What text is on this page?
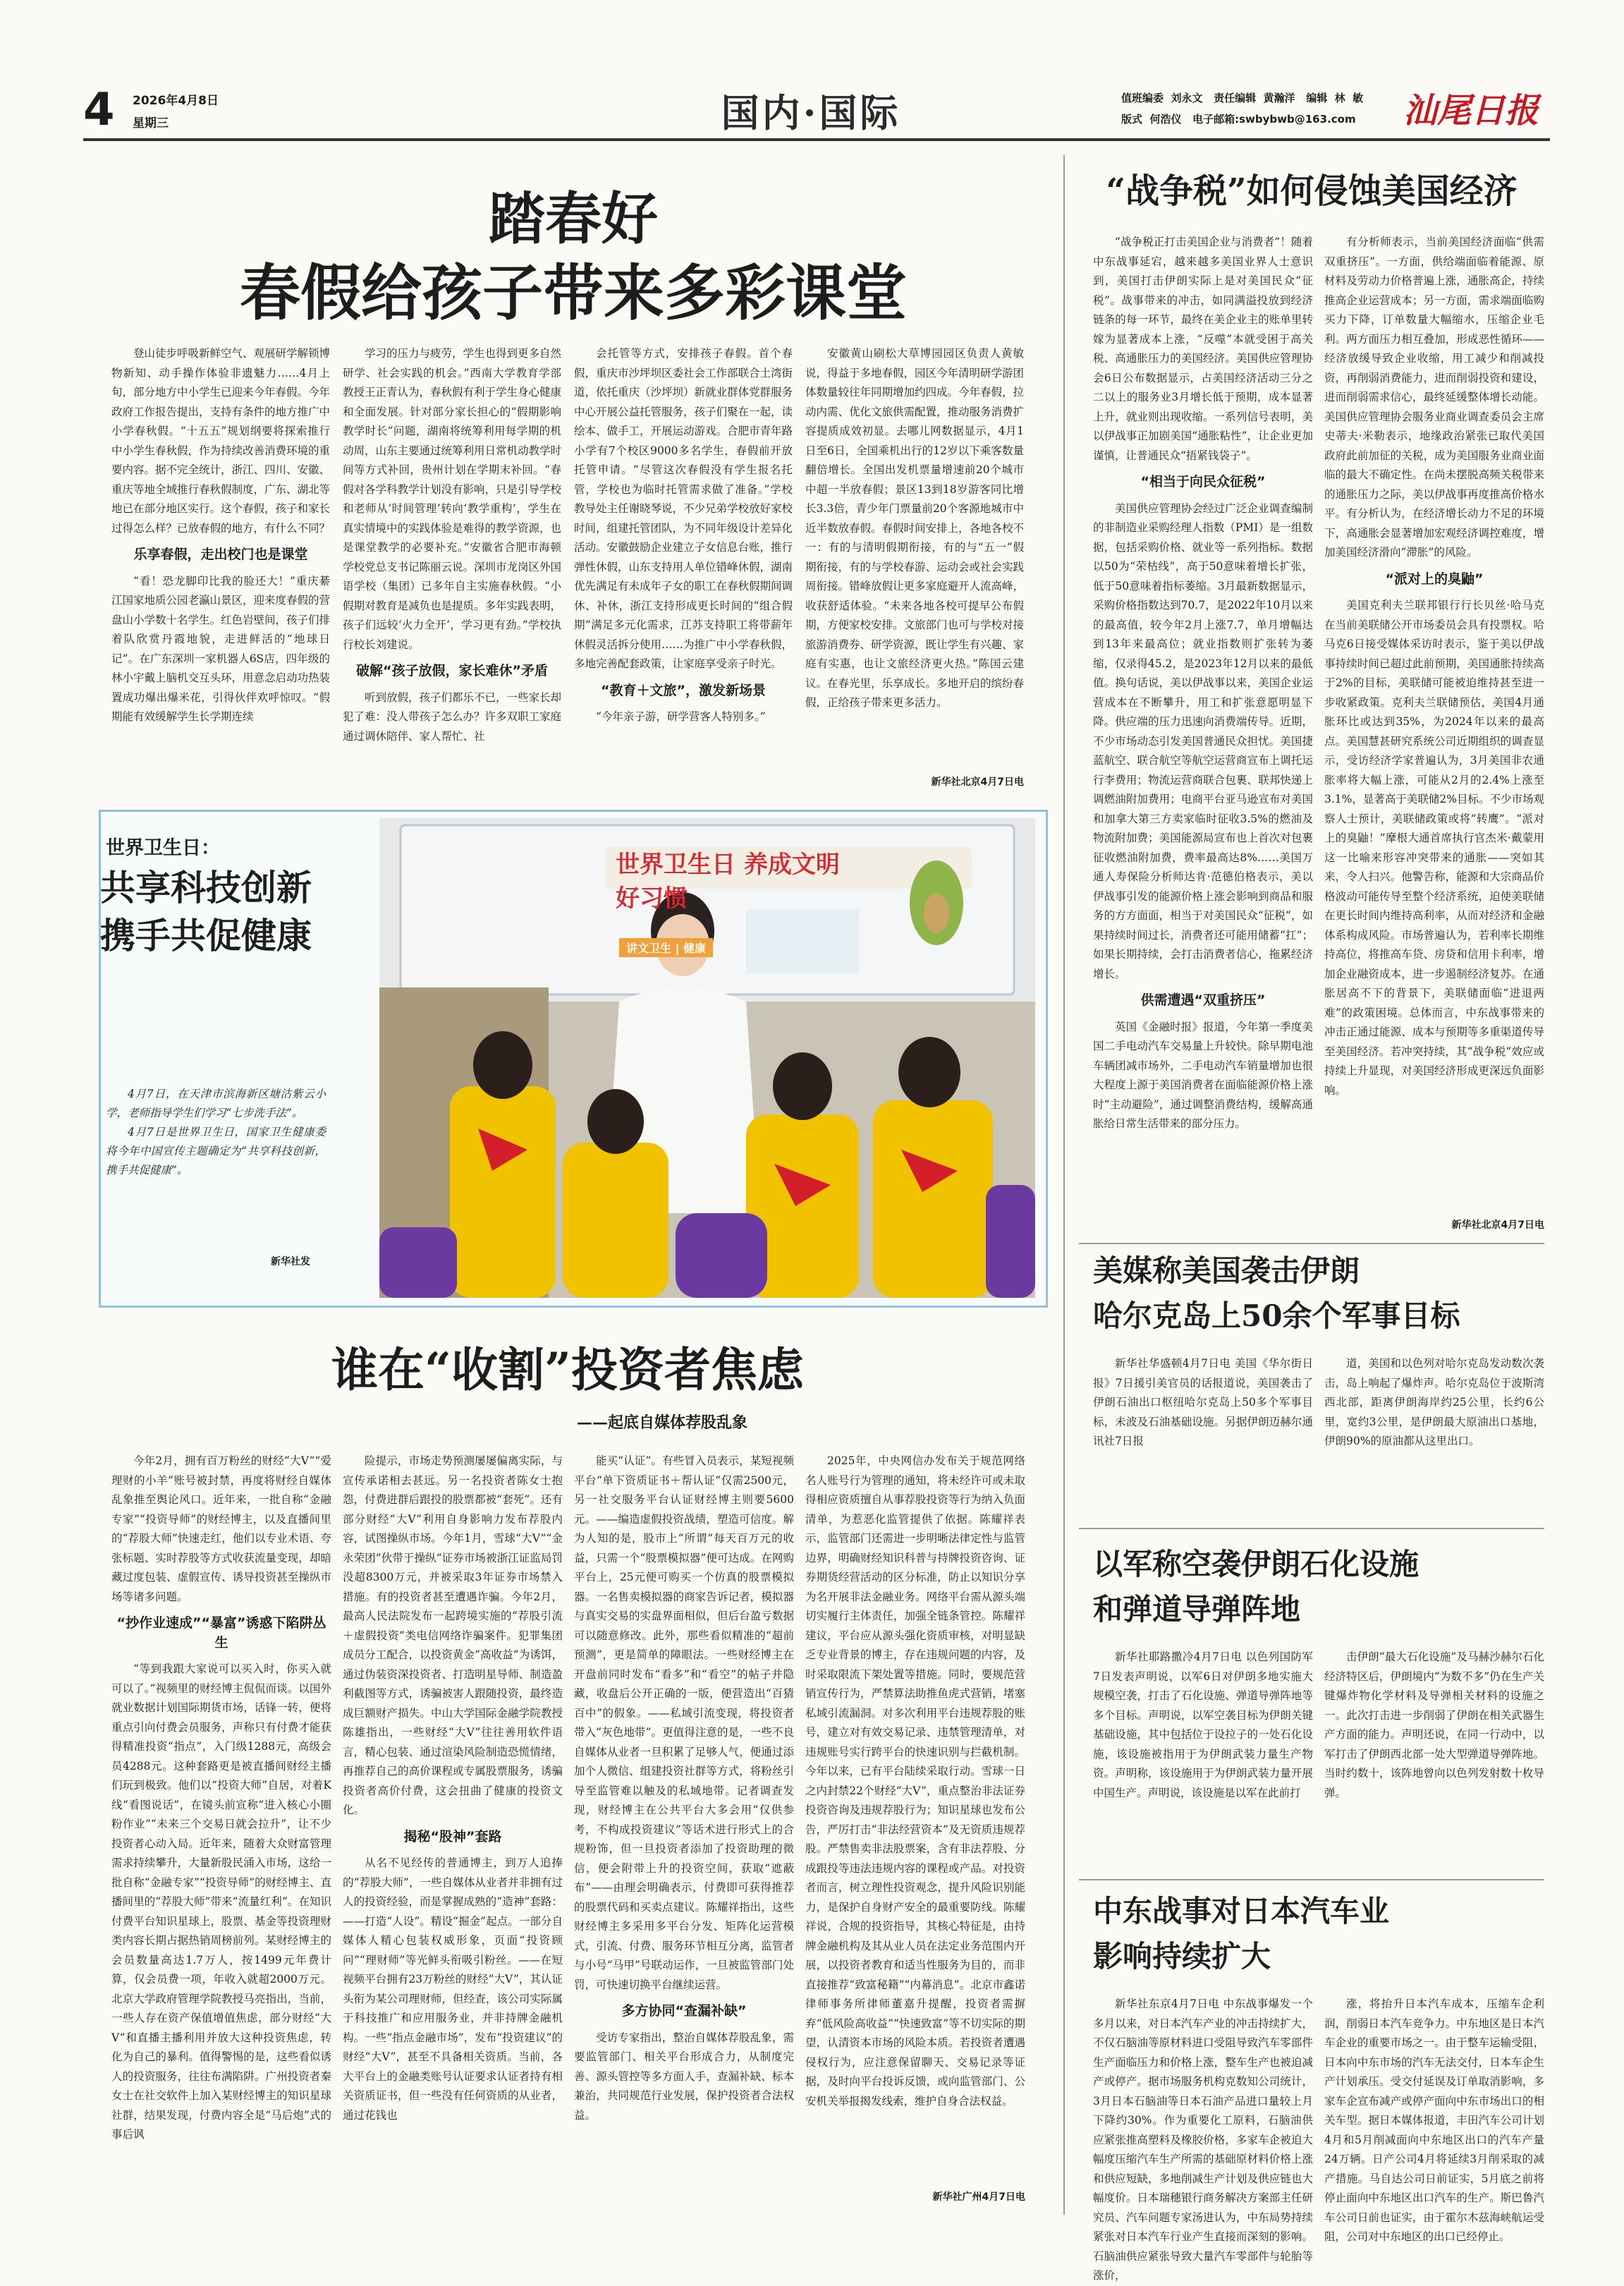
4 2026年4月8日
星期三	国内·国际	值班编委  刘永文   责任编辑  黄瀚洋   编辑  林  敏
版式  何浩仪   电子邮箱:swbybwb@163.com 汕尾日报
踏春好
春假给孩子带来多彩课堂

登山徒步呼吸新鲜空气、观展研学解锁博物新知、动手操作体验非遗魅力……4月上旬，部分地方中小学生已迎来今年春假。今年政府工作报告提出，支持有条件的地方推广中小学春秋假。“十五五”规划纲要将探索推行中小学生春秋假，作为持续改善消费环境的重要内容。据不完全统计，浙江、四川、安徽、重庆等地全域推行春秋假制度，广东、湖北等地已在部分地区实行。这个春假，孩子和家长过得怎么样？已放春假的地方，有什么不同？

乐享春假，走出校门也是课堂

“看！恐龙脚印比我的脸还大！”重庆綦江国家地质公园老瀛山景区，迎来度春假的营盘山小学数十名学生。红色岩壁间，孩子们排着队欣赏丹霞地貌，走进鲜活的“地球日记”。在广东深圳一家机器人6S店，四年级的林小宇戴上脑机交互头环，用意念启动功热装置成功爆出爆米花，引得伙伴欢呼惊叹。“假期能有效缓解学生长学期连续

学习的压力与疲劳，学生也得到更多自然研学、社会实践的机会。”西南大学教育学部教授王正青认为，春秋假有利于学生身心健康和全面发展。针对部分家长担心的“假期影响教学时长”问题，湖南将统筹利用每学期的机动周，山东主要通过统筹利用日常机动教学时间等方式补回，贵州计划在学期末补回。“春假对各学科教学计划没有影响，只是引导学校和老师从‘时间管理’转向‘教学重构’，学生在真实情境中的实践体验是难得的教学资源，也是课堂教学的必要补充。”安徽省合肥市海顿学校党总支书记陈丽云说。深圳市龙岗区外国语学校（集团）已多年自主实施春秋假。“小假期对教育是减负也是提质。多年实践表明，孩子们远较‘火力全开’，学习更有劲。”学校执行校长刘建说。

破解“孩子放假，家长难休”矛盾

听到放假，孩子们都乐不已，一些家长却犯了难：没人带孩子怎么办？许多双职工家庭通过调休陪伴、家人帮忙、社

会托管等方式，安排孩子春假。首个春假，重庆市沙坪坝区委社会工作部联合土湾街道，依托重庆（沙坪坝）新就业群体党群服务中心开展公益托管服务，孩子们聚在一起，读绘本、做手工，开展运动游戏。合肥市青年路小学有7个校区9000多名学生，春假前开放托管申请。“尽管这次春假没有学生报名托管，学校也为临时托管需求做了准备。”学校教导处主任谢晓琴说，不少兄弟学校放好家校时间，组建托管团队，为不同年级设计差异化活动。安徽鼓励企业建立子女信息台账，推行弹性休假，山东支持用人单位错峰休假，湖南优先满足有未成年子女的职工在春秋假期间调休、补休，浙江支持形成更长时间的“组合假期”满足多元化需求，江苏支持职工将带薪年休假灵活拆分使用……为推广中小学春秋假，多地完善配套政策，让家庭享受亲子时光。

“教育＋文旅”，激发新场景

“今年亲子游，研学营客人特别多。”

安徽黄山刷松大草博园园区负责人黄敏说，得益于多地春假，园区今年清明研学游团体数量较往年同期增加约四成。今年春假，拉动内需、优化文旅供需配置，推动服务消费扩容提质成效初显。去哪儿网数据显示，4月1日至6日，全国乘机出行的12岁以下乘客数量翻倍增长。全国出发机票量增速前20个城市中超一半放春假；景区13到18岁游客同比增长3.3倍，青少年门票量前20个客源地城市中近半数放春假。春假时间安排上，各地各校不一：有的与清明假期衔接，有的与“五一”假期衔接，有的与学校春游、运动会或社会实践周衔接。错峰放假让更多家庭避开人流高峰，收获舒适体验。“未来各地各校可提早公布假期，方便家校安排。文旅部门也可与学校对接旅游消费券、研学资源，既让学生有兴趣、家庭有实惠，也让文旅经济更火热。”陈国云建议。在春光里，乐享成长。多地开启的缤纷春假，正给孩子带来更多活力。

新华社北京4月7日电
世界卫生日：
共享科技创新
携手共促健康
世界卫生日 养成文明好习惯
讲文卫生 | 健康

4月7日，在天津市滨海新区塘沽紫云小学，老师指导学生们学习“七步洗手法”。

4月7日是世界卫生日，国家卫生健康委将今年中国宣传主题确定为“共享科技创新，携手共促健康”。

新华社发
谁在“收割”投资者焦虑
——起底自媒体荐股乱象

今年2月，拥有百万粉丝的财经“大V”“爱理财的小羊”账号被封禁，再度将财经自媒体乱象推至舆论风口。近年来，一批自称“金融专家”“投资导师”的财经博主，以及直播间里的“荐股大师”快速走红，他们以专业术语、夸张标题、实时荐股等方式收获流量变现，却暗藏过度包装、虚假宣传、诱导投资甚至操纵市场等诸多问题。

“抄作业速成”“暴富”诱惑下陷阱丛生

“等到我跟大家说可以买入时，你买入就可以了。”视频里的财经博主侃侃而谈。以国外就业数据计划国际期货市场，话锋一转，便将重点引向付费会员服务，声称只有付费才能获得精准投资“指点”，入门级1288元，高级会员4288元。这种套路更是被直播间财经主播们玩到极致。他们以“投资大师”自居，对着K线“看图说话”，在镜头前宣称“进入核心小圈粉作业”“未来三个交易日就会拉升”，让不少投资者心动入局。近年来，随着大众财富管理需求持续攀升，大量新股民涌入市场，这给一批自称“金融专家”“投资导师”的财经博主、直播间里的“荐股大师”带来“流量红利”。在知识付费平台知识星球上，股票、基金等投资理财类内容长期占据热销周榜前列。某财经博主的会员数量高达1.7万人，按1499元年费计算，仅会员费一项，年收入就超2000万元。北京大学政府管理学院教授马亮指出，当前，一些人存在资产保值增值焦虑，部分财经“大V”和直播主播利用并放大这种投资焦虑，转化为自己的暴利。值得警惕的是，这些看似诱人的投资服务，往往布满陷阱。广州投资者秦女士在社交软件上加入某财经博主的知识星球社群，结果发现，付费内容全是“马后炮”式的事后讽

险提示，市场走势预测屡屡偏离实际，与宣传承诺相去甚远。另一名投资者陈女士抱怨，付费进群后跟投的股票都被“套死”。还有部分财经“大V”利用自身影响力发布荐股内容，试图操纵市场。今年1月，雪球“大V”“金永荣团”伙带于操纵“证券市场被浙江证监局罚没超8300万元，并被采取3年证券市场禁入措施。有的投资者甚至遭遇诈骗。今年2月，最高人民法院发布一起跨境实施的“荐股引流＋虚假投资”类电信网络诈骗案件。犯罪集团成员分工配合，以投资黄金“高收益”为诱饵，通过伪装资深投资者、打造明星导师、制造盈利截图等方式，诱骗被害人跟随投资，最终造成巨额财产损失。中山大学国际金融学院教授陈雄指出，一些财经“大V”往往善用软件语言，精心包装、通过渲染风险制造恐慌情绪，再推荐自己的高价课程或专属股票服务，诱骗投资者高价付费，这会扭曲了健康的投资文化。

揭秘“股神”套路

从名不见经传的普通博主，到万人追捧的“荐股大师”，一些自媒体从业者并非拥有过人的投资经验，而是掌握成熟的“造神”套路：——打造“人设”。精设“掘金”起点。一部分自媒体人精心包装权威形象，页面“投资顾问”“理财师”等光鲜头衔吸引粉丝。——在短视频平台拥有23万粉丝的财经“大V”，其认证头衔为某公司理财师，但经查，该公司实际属于科技推广和应用服务业，并非持牌金融机构。一些“指点金融市场”，发布“投资建议”的财经“大V”，甚至不具备相关资质。当前，各大平台上的金融类账号认证要求认证者持有相关资质证书，但一些没有任何资质的从业者，通过花钱也

能买“认证”。有些冒入员表示，某短视频平台“单下资质证书＋帮认证”仅需2500元，另一社交服务平台认证财经博主则要5600元。——编造虚假投资战绩，塑造可信度。解为人知的是，股市上“所谓”每天百万元的收益，只需一个“股票模拟器”便可达成。在网购平台上，25元便可购买一个仿真的股票模拟器。一名售卖模拟器的商家告诉记者，模拟器与真实交易的实盘界面相似，但后台盈亏数据可以随意修改。此外，那些看似精准的“超前预测”，更是简单的障眼法。一些财经博主在开盘前同时发布“看多”和“看空”的帖子并隐藏，收盘后公开正确的一版，便营造出“百猜百中”的假象。——私域引流变现，将投资者带入“灰色地带”。更值得注意的是，一些不良自媒体从业者一旦积累了足够人气，便通过添加个人微信、组建投资社群等方式，将粉丝引导至监管难以触及的私域地带。记者调查发现，财经博主在公共平台大多会用“仅供参考，不构成投资建议”等话术进行形式上的合规粉饰，但一旦投资者添加了投资助理的微信，便会附带上升的投资空间，获取“遮蔽布”——由理会明确表示，付费即可获得推荐的股票代码和买卖点建议。陈耀祥指出，这些财经博主多采用多平台分发、矩阵化运营模式，引流、付费、服务环节相互分离，监管者与小号“马甲”号联动运作，一旦被监管部门处罚，可快速切换平台继续运营。

多方协同“查漏补缺”

受访专家指出，整治自媒体荐股乱象，需要监管部门、相关平台形成合力，从制度完善、源头管控等多方面人手，查漏补缺、标本兼治，共同规范行业发展，保护投资者合法权益。

2025年，中央网信办发布关于规范网络名人账号行为管理的通知，将未经许可或未取得相应资质擅自从事荐股投资等行为纳入负面清单，为惹恶化监管提供了依据。陈耀祥表示，监管部门还需进一步明晰法律定性与监管边界，明确财经知识科普与持牌投资咨询、证券期货经营活动的区分标准，防止以知识分享为名开展非法金融业务。网络平台需从源头端切实履行主体责任，加强全链条管控。陈耀祥建议，平台应从源头强化资质审核，对明显缺乏专业背景的博主，存在违规问题的内容，及时采取限流下架处置等措施。同时，要规范营销宣传行为，严禁算法助推鱼虎式营销，堵塞私域引流漏洞。对多次利用平台违规荐股的账号，建立对有效交易记录、违禁管理清单，对违规账号实行跨平台的快速识别与拦截机制。今年以来，已有平台陆续采取行动。雪球一日之内封禁22个财经“大V”，重点整治非法证券投资咨询及违规荐股行为；知识星球也发布公告，严厉打击“非法经营资本”及无资质违规荐股。严禁售卖非法股票案，含有非法荐股、分成跟投等违法违规内容的课程或产品。对投资者而言，树立理性投资观念，提升风险识别能力，是保护自身财产安全的最重要防线。陈耀祥说，合规的投资指导，其核心特征是，由持牌金融机构及其从业人员在法定业务范围内开展，以投资者教育和适当性服务为目的，而非直接推荐“致富秘籍”“内幕消息”。北京市鑫诺律师事务所律师董嘉升提醒，投资者需摒弃“低风险高收益”“快速致富”等不切实际的期望，认清资本市场的风险本质。若投资者遭遇侵权行为，应注意保留聊天、交易记录等证据，及时向平台投诉反馈，或向监管部门、公安机关举报揭发线索，维护自身合法权益。

新华社广州4月7日电
“战争税”如何侵蚀美国经济

“战争税正打击美国企业与消费者”！随着中东战事延宕，越来越多美国业界人士意识到，美国打击伊朗实际上是对美国民众“征税”。战事带来的冲击，如同满溢投放到经济链条的每一环节，最终在美企业主的账单里转嫁为显著成本上涨，“反噬”本就受困于高关税、高通胀压力的美国经济。美国供应管理协会6日公布数据显示，占美国经济活动三分之二以上的服务业3月增长低于预期，成本显著上升，就业则出现收缩。一系列信号表明，美以伊战事正加剧美国“通胀粘性”，让企业更加谨慎，让普通民众“捂紧钱袋子”。

“相当于向民众征税”

美国供应管理协会经过广泛企业调查编制的非制造业采购经理人指数（PMI）是一组数据，包括采购价格、就业等一系列指标。数据以50为“荣枯线”，高于50意味着增长扩张，低于50意味着指标萎缩。3月最新数据显示，采购价格指数达到70.7，是2022年10月以来的最高值，较今年2月上涨7.7，单月增幅达到13年来最高位；就业指数则扩张转为萎缩，仅录得45.2，是2023年12月以来的最低值。换句话说，美以伊战事以来，美国企业运营成本在不断攀升，用工和扩张意愿明显下降。供应端的压力迅速向消费端传导。近期，不少市场动态引发美国普通民众担忧。美国捷蓝航空、联合航空等航空运营商宣布上调托运行李费用；物流运营商联合包裹、联邦快递上调燃油附加费用；电商平台亚马逊宣布对美国和加拿大第三方卖家临时征收3.5%的燃油及物流附加费；美国能源局宣布也上首次对包裹征收燃油附加费，费率最高达8%……美国万通人寿保险分析师达肯·范德伯格表示，美以伊战事引发的能源价格上涨会影响到商品和服务的方方面面，相当于对美国民众“征税”，如果持续时间过长，消费者还可能用储蓄“扛”；如果长期持续，会打击消费者信心，拖累经济增长。

供需遭遇“双重挤压”

英国《金融时报》报道，今年第一季度美国二手电动汽车交易量上升较快。除早期电池车辆团减市场外，二手电动汽车销量增加也很大程度上源于美国消费者在面临能源价格上涨时“主动避险”，通过调整消费结构，缓解高通胀给日常生活带来的部分压力。

有分析师表示，当前美国经济面临“供需双重挤压”。一方面，供给端面临着能源、原材料及劳动力价格普遍上涨，通胀高企，持续推高企业运营成本；另一方面，需求端面临购买力下降，订单数量大幅缩水，压缩企业毛利。两方面压力相互叠加，形成恶性循环——经济放缓导致企业收缩，用工减少和削减投资，再削弱消费能力，进而削弱投资和建设，进而削弱需求信心，最终延缓整体增长动能。美国供应管理协会服务业商业调查委员会主席史蒂夫·米勒表示，地缘政治紧张已取代美国政府此前加征的关税，成为美国服务业商业面临的最大不确定性。在尚未摆脱高频关税带来的通胀压力之际，美以伊战事再度推高价格水平。有分析认为，在经济增长动力不足的环境下，高通胀会显著增加宏观经济调控难度，增加美国经济滑向“滞胀”的风险。

“派对上的臭鼬”

美国克利夫兰联邦银行行长贝丝·哈马克在当前美联储公开市场委员会具有投票权。哈马克6日接受媒体采访时表示，鉴于美以伊战事持续时间已超过此前预期，美国通胀持续高于2%的目标，美联储可能被迫维持甚至进一步收紧政策。克利夫兰联储预估，美国4月通胀环比或达到35%，为2024年以来的最高点。美国慧甚研究系统公司近期组织的调查显示，受访经济学家普遍认为，3月美国非农通胀率将大幅上涨，可能从2月的2.4%上涨至3.1%，显著高于美联储2%目标。不少市场观察人士预计，美联储政策或将“转鹰”。“派对上的臭鼬！”摩根大通首席执行官杰米·戴蒙用这一比喻来形容冲突带来的通胀——突如其来，令人扫兴。他警告称，能源和大宗商品价格波动可能传导至整个经济系统，迫使美联储在更长时间内维持高利率，从而对经济和金融体系构成风险。市场普遍认为，若利率长期维持高位，将推高车贷、房贷和信用卡利率，增加企业融资成本，进一步遏制经济复苏。在通胀居高不下的背景下，美联储面临“进退两难”的政策困境。总体而言，中东战事带来的冲击正通过能源、成本与预期等多重渠道传导至美国经济。若冲突持续，其“战争税”效应或持续上升显现，对美国经济形成更深远负面影响。

新华社北京4月7日电
美媒称美国袭击伊朗
哈尔克岛上50余个军事目标

新华社华盛顿4月7日电 美国《华尔街日报》7日援引美官员的话报道说，美国袭击了伊朗石油出口枢纽哈尔克岛上50多个军事目标，未波及石油基础设施。另据伊朗迈赫尔通讯社7日报

道，美国和以色列对哈尔克岛发动数次袭击，岛上响起了爆炸声。哈尔克岛位于波斯湾西北部，距离伊朗海岸约25公里，长约6公里，宽约3公里，是伊朗最大原油出口基地，伊朗90%的原油都从这里出口。

以军称空袭伊朗石化设施
和弹道导弹阵地

新华社耶路撒冷4月7日电 以色列国防军7日发表声明说，以军6日对伊朗多地实施大规模空袭，打击了石化设施、弹道导弹阵地等多个目标。声明说，以军空袭目标为伊朗关键基础设施，其中包括位于设拉子的一处石化设施，该设施被指用于为伊朗武装力量生产物资。声明称，该设施用于为伊朗武装力量开展中国生产。声明说，该设施是以军在此前打

击伊朗“最大石化设施”及马赫沙赫尔石化经济特区后，伊朗境内“为数不多”仍在生产关键爆炸物化学材料及导弹相关材料的设施之一。此次打击进一步削弱了伊朗在相关武器生产方面的能力。声明还说，在同一行动中，以军打击了伊朗西北部一处大型弹道导弹阵地。当时约数十，该阵地曾向以色列发射数十枚导弹。

中东战事对日本汽车业
影响持续扩大

新华社东京4月7日电 中东战事爆发一个多月以来，对日本汽车产业的冲击持续扩大，不仅石脑油等原材料进口受阻导致汽车零部件生产面临压力和价格上涨，整车生产也被迫减产或停产。据市场服务机构克数知公司统计，3月日本石脑油等日本石油产品进口量较上月下降约30%。作为重要化工原料，石脑油供应紧张推高塑料及橡胶价格，多家车企被迫大幅度压缩汽车生产所需的基础原材料价格上涨和供应短缺，多地削减生产计划及供应链也大幅度价。日本瑞穗银行商务解决方案部主任研究员、汽车问题专家汤进认为，中东局势持续紧张对日本汽车行业产生直接而深刻的影响。石脑油供应紧张导致大量汽车零部件与轮胎等涨价，

涨，将抬升日本汽车成本，压缩车企利润，削弱日本汽车竞争力。中东地区是日本汽车企业的重要市场之一。由于整车运输受阻，日本向中东市场的汽车无法交付，日本车企生产计划承压。受交付延误及订单取消影响，多家车企宣布减产或停产面向中东市场出口的相关车型。据日本媒体报道，丰田汽车公司计划4月和5月削减面向中东地区出口的汽车产量24万辆。日产公司4月将延续3月削采取的减产措施。马自达公司日前证实，5月底之前将停止面向中东地区出口汽车的生产。斯巴鲁汽车公司日前也证实，由于霍尔木兹海峡航运受阻，公司对中东地区的出口已经停止。
